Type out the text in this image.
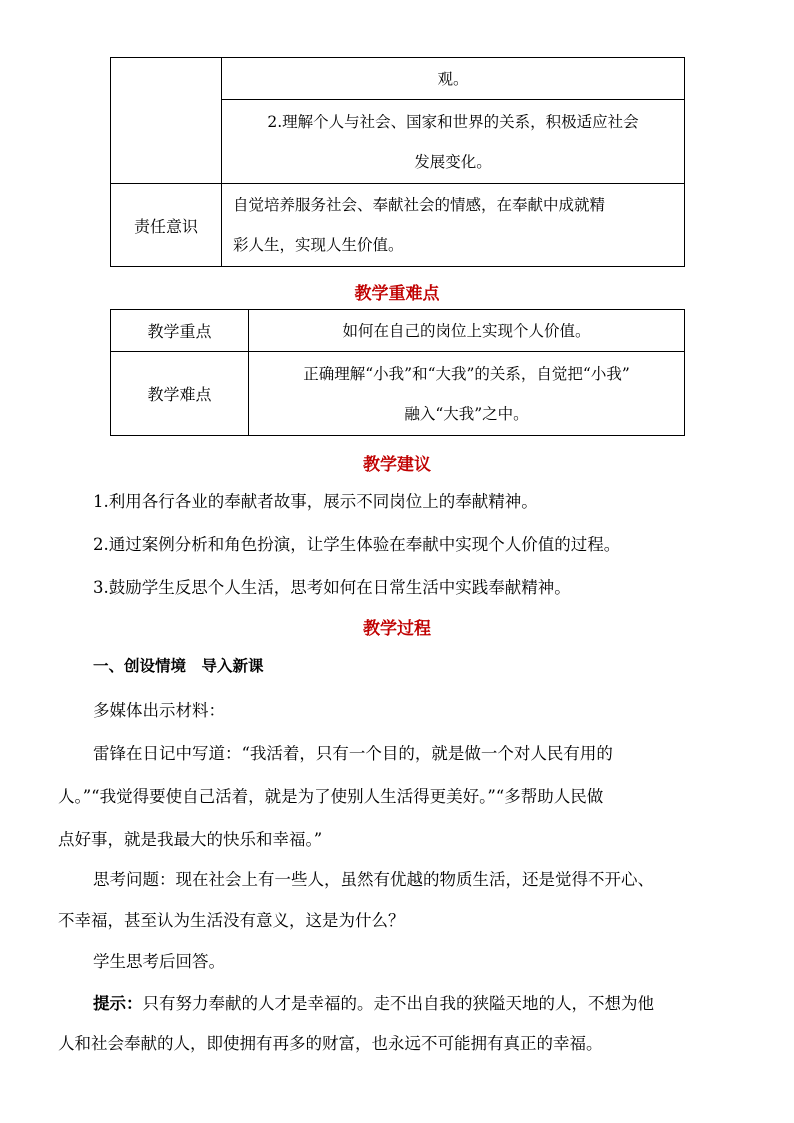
	观。

	2.理解个人与社会、国家和世界的关系，积极适应社会
发展变化。

责任意识	自觉培养服务社会、奉献社会的情感，在奉献中成就精
彩人生，实现人生价值。
教学重难点
教学重点	如何在自己的岗位上实现个人价值。
教学难点	正确理解“小我”和“大我”的关系，自觉把“小我”
融入“大我”之中。
教学建议
1.利用各行各业的奉献者故事，展示不同岗位上的奉献精神。
2.通过案例分析和角色扮演，让学生体验在奉献中实现个人价值的过程。
3.鼓励学生反思个人生活，思考如何在日常生活中实践奉献精神。
教学过程
一、创设情境　导入新课
多媒体出示材料：
雷锋在日记中写道：“我活着，只有一个目的，就是做一个对人民有用的
人。”“我觉得要使自己活着，就是为了使别人生活得更美好。”“多帮助人民做
点好事，就是我最大的快乐和幸福。”
思考问题：现在社会上有一些人，虽然有优越的物质生活，还是觉得不开心、
不幸福，甚至认为生活没有意义，这是为什么？
学生思考后回答。
提示：只有努力奉献的人才是幸福的。走不出自我的狭隘天地的人，不想为他
人和社会奉献的人，即使拥有再多的财富，也永远不可能拥有真正的幸福。
